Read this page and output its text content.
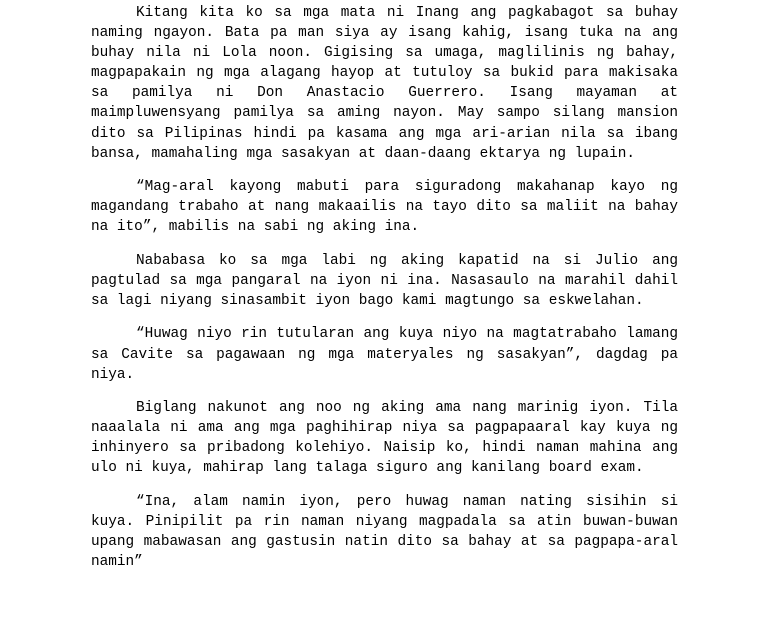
Kitang kita ko sa mga mata ni Inang ang pagkabagot sa buhay naming ngayon. Bata pa man siya ay isang kahig, isang tuka na ang buhay nila ni Lola noon. Gigising sa umaga, maglilinis ng bahay, magpapakain ng mga alagang hayop at tutuloy sa bukid para makisaka sa pamilya ni Don Anastacio Guerrero. Isang mayaman at maimpluwensyang pamilya sa aming nayon. May sampo silang mansion dito sa Pilipinas hindi pa kasama ang mga ari-arian nila sa ibang bansa, mamahaling mga sasakyan at daan-daang ektarya ng lupain.

“Mag-aral kayong mabuti para siguradong makahanap kayo ng magandang trabaho at nang makaailis na tayo dito sa maliit na bahay na ito”, mabilis na sabi ng aking ina.

Nababasa ko sa mga labi ng aking kapatid na si Julio ang pagtulad sa mga pangaral na iyon ni ina. Nasasaulo na marahil dahil sa lagi niyang sinasambit iyon bago kami magtungo sa eskwelahan.

“Huwag niyo rin tutularan ang kuya niyo na magtatrabaho lamang sa Cavite sa pagawaan ng mga materyales ng sasakyan”, dagdag pa niya.

Biglang nakunot ang noo ng aking ama nang marinig iyon. Tila naaalala ni ama ang mga paghihirap niya sa pagpapaaral kay kuya ng inhinyero sa pribadong kolehiyo. Naisip ko, hindi naman mahina ang ulo ni kuya, mahirap lang talaga siguro ang kanilang board exam.

“Ina, alam namin iyon, pero huwag naman nating sisihin si kuya. Pinipilit pa rin naman niyang magpadala sa atin buwan-buwan upang mabawasan ang gastusin natin dito sa bahay at sa pagpapa-aral namin”
